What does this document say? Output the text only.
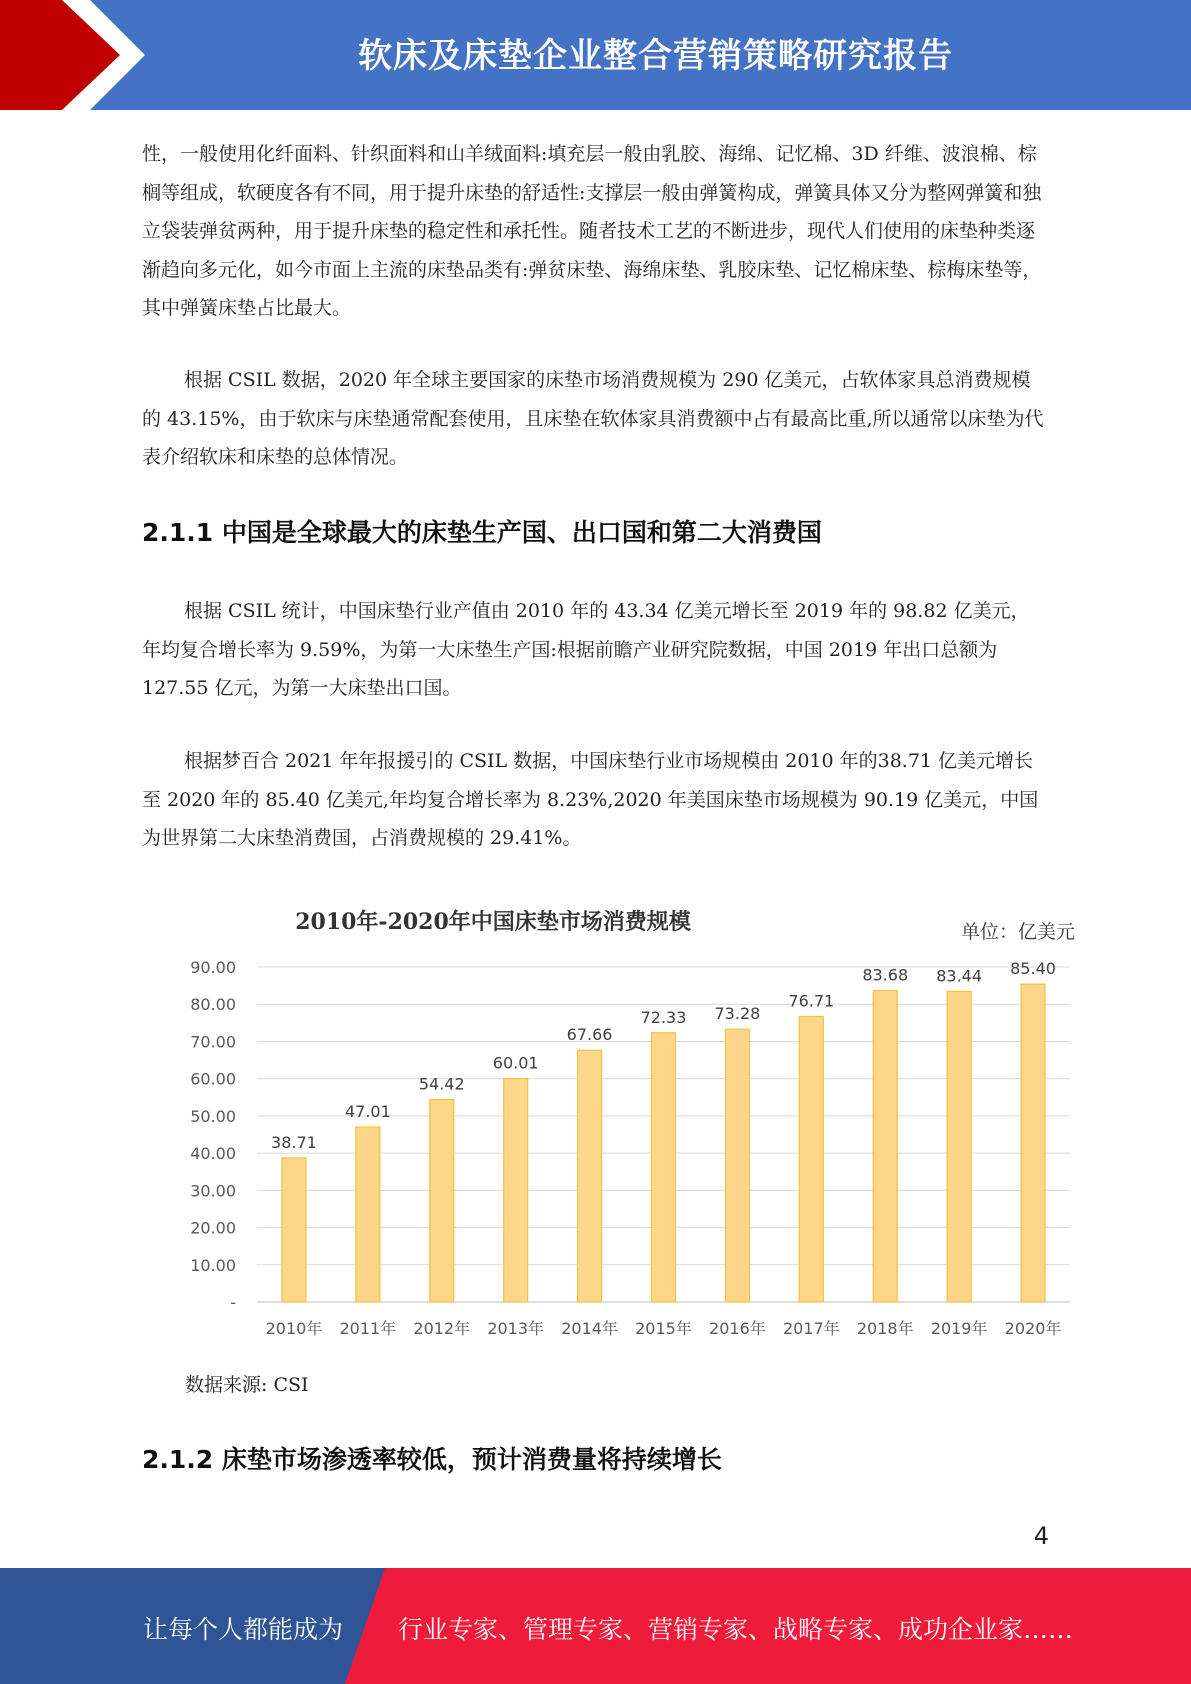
软床及床垫企业整合营销策略研究报告

性，一般使用化纤面料、针织面料和山羊绒面料:填充层一般由乳胶、海绵、记忆棉、3D 纤维、波浪棉、棕榈等组成，软硬度各有不同，用于提升床垫的舒适性:支撑层一般由弹簧构成，弹簧具体又分为整网弹簧和独立袋装弹贫两种，用于提升床垫的稳定性和承托性。随者技术工艺的不断进步，现代人们使用的床垫种类逐渐趋向多元化，如今市面上主流的床垫品类有:弹贫床垫、海绵床垫、乳胶床垫、记忆棉床垫、棕梅床垫等，其中弹簧床垫占比最大。

根据 CSIL 数据，2020 年全球主要国家的床垫市场消费规模为 290 亿美元，占软体家具总消费规模的 43.15%，由于软床与床垫通常配套使用，且床垫在软体家具消费额中占有最高比重,所以通常以床垫为代表介绍软床和床垫的总体情况。

2.1.1 中国是全球最大的床垫生产国、出口国和第二大消费国

根据 CSIL 统计，中国床垫行业产值由 2010 年的 43.34 亿美元增长至 2019 年的 98.82 亿美元，年均复合增长率为 9.59%，为第一大床垫生产国:根据前瞻产业研究院数据，中国 2019 年出口总额为 127.55 亿元，为第一大床垫出口国。

根据梦百合 2021 年年报援引的 CSIL 数据，中国床垫行业市场规模由 2010 年的38.71 亿美元增长至 2020 年的 85.40 亿美元,年均复合增长率为 8.23%,2020 年美国床垫市场规模为 90.19 亿美元，中国为世界第二大床垫消费国，占消费规模的 29.41%。

2010年-2020年中国床垫市场消费规模	单位：亿美元
-
10.00
20.00
30.00
40.00
50.00
60.00
70.00
80.00
90.00
38.71
2010年
47.01
2011年
54.42
2012年
60.01
2013年
67.66
2014年
72.33
2015年
73.28
2016年
76.71
2017年
83.68
2018年
83.44
2019年
85.40
2020年
数据来源: CSI
2.1.2 床垫市场渗透率较低，预计消费量将持续增长
4
让每个人都能成为 行业专家、管理专家、营销专家、战略专家、成功企业家……
